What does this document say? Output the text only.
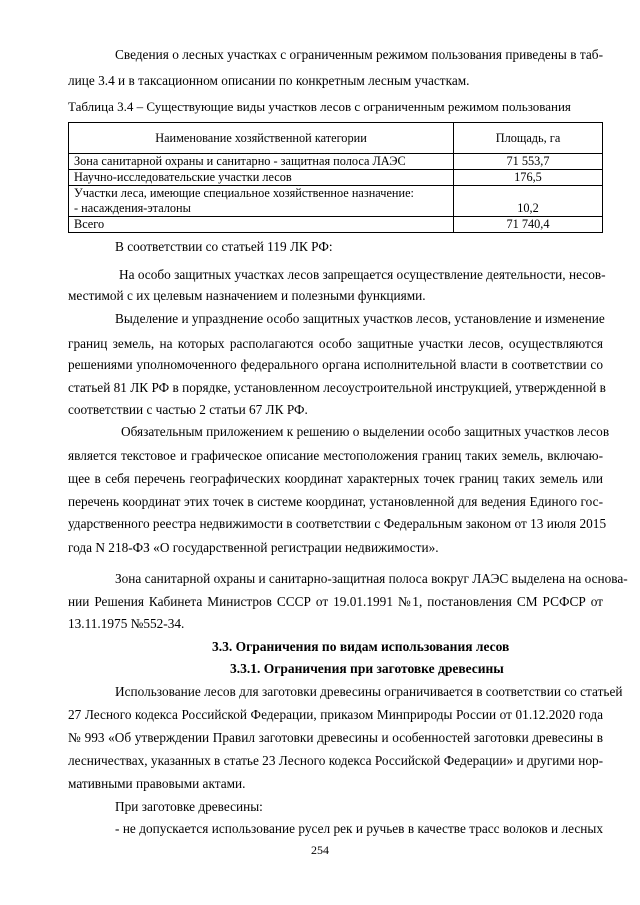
Сведения о лесных участках с ограниченным режимом пользования приведены в таб-
лице 3.4 и в таксационном описании по конкретным лесным участкам.
Таблица 3.4 – Существующие виды участков лесов с ограниченным режимом пользования
Наименование хозяйственной категории	Площадь, га
Зона санитарной охраны и санитарно - защитная полоса ЛАЭС	71 553,7
Научно-исследовательские участки лесов	176,5

Участки леса, имеющие специальное хозяйственное назначение:
- насаждения-эталоны	10,2
Всего	71 740,4
В соответствии со статьей 119 ЛК РФ:
На особо защитных участках лесов запрещается осуществление деятельности, несов-
местимой с их целевым назначением и полезными функциями.
Выделение и упразднение особо защитных участков лесов, установление и изменение
границ земель, на которых располагаются особо защитные участки лесов, осуществляются
решениями уполномоченного федерального органа исполнительной власти в соответствии со
статьей 81 ЛК РФ в порядке, установленном лесоустроительной инструкцией, утвержденной в
соответствии с частью 2 статьи 67 ЛК РФ.
Обязательным приложением к решению о выделении особо защитных участков лесов
является текстовое и графическое описание местоположения границ таких земель, включаю-
щее в себя перечень географических координат характерных точек границ таких земель или
перечень координат этих точек в системе координат, установленной для ведения Единого гос-
ударственного реестра недвижимости в соответствии с Федеральным законом от 13 июля 2015
года N 218-ФЗ «О государственной регистрации недвижимости».
Зона санитарной охраны и санитарно-защитная полоса вокруг ЛАЭС выделена на основа-
нии Решения Кабинета Министров СССР от 19.01.1991 №1, постановления СМ РСФСР от
13.11.1975 №552-34.
3.3. Ограничения по видам использования лесов
3.3.1. Ограничения при заготовке древесины
Использование лесов для заготовки древесины ограничивается в соответствии со статьей
27 Лесного кодекса Российской Федерации, приказом Минприроды России от 01.12.2020 года
№ 993 «Об утверждении Правил заготовки древесины и особенностей заготовки древесины в
лесничествах, указанных в статье 23 Лесного кодекса Российской Федерации» и другими нор-
мативными правовыми актами.
При заготовке древесины:
- не допускается использование русел рек и ручьев в качестве трасс волоков и лесных
254
